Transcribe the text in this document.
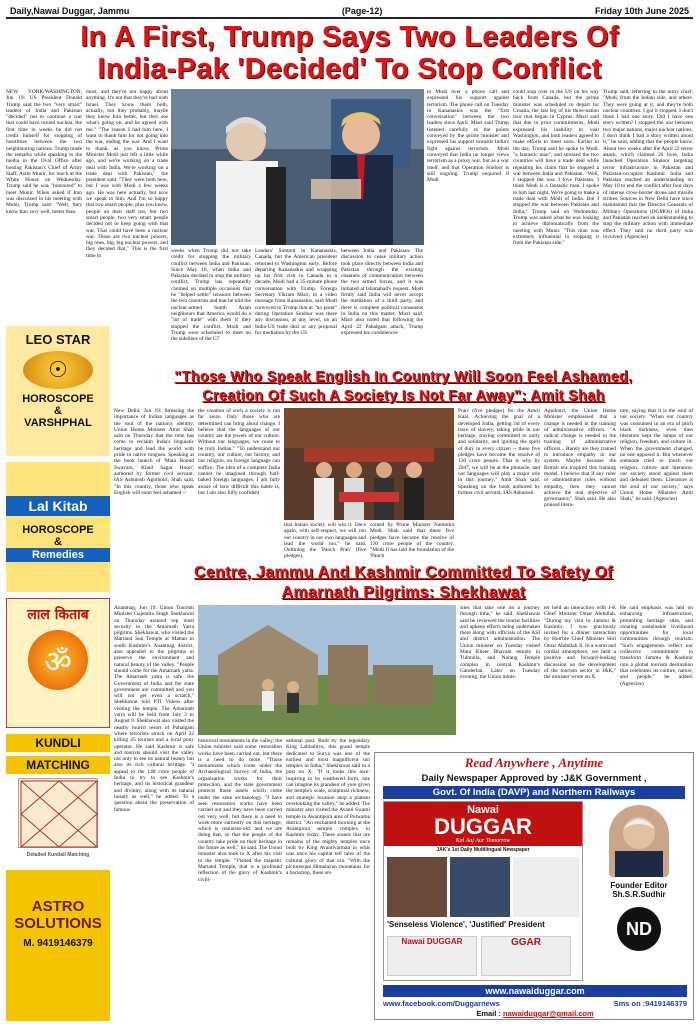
Daily,Nawai Duggar, Jammu	(Page-12)	Friday 10th June 2025
In A First, Trump Says Two Leaders Of
India-Pak 'Decided' To Stop Conflict
NEW YORK/WASHINGTON, Jun 19: US President Donald Trump said the two "very smart" leaders of India and Pakistan "decided" not to continue a war that could have turned nuclear, the first time in weeks he did not credit himself for stopping of hostilities between the two neighbouring nations. Trump made the remarks while speaking to the media in the Oval Office after hosting Pakistan's Chief of Army Staff, Asim Munir, for lunch at the White House on Wednesday. Trump said he was "honoured" to meet Munir. When asked if Iran was discussed in his meeting with Munir, Trump said: "Well, they know Iran very well, better than
most, and they're not happy about anything. It's not that they're bad with Israel. They know them both, actually, but they probably, maybe they know Iran better, but they see what's going on, and he agreed with me." "The reason I had him here, I want to thank him for not going into the war, ending the war. And I want to thank, as you know, Prime Minister Modi just left a little while ago, and we're working on a trade deal with India. We're working on a trade deal with Pakistan," the president said. "They were both here, but I was with Modi a few weeks ago. He was here actually, but now we speak to him. And I'm so happy that two smart people, plus you know, people on their staff too, but two smart people, two very smart people decided not to keep going with that war. That could have been a nuclear war. Those are two nuclear powers, big ones, big, big nuclear powers, and they decided that," This is the first time in
weeks when Trump did not take credit for stopping the military conflict between India and Pakistan. Since May 10, when India and Pakistan decided to stop the military conflict, Trump has repeatedly claimed on multiple occasions that he "helped settle" tensions between the two countries and that he told the nuclear-armed South Asian neighbours that America would do a "lot of trade" with them if they stopped the conflict. Modi and Trump were scheduled to meet on the sidelines of the G7
Leaders' Summit in Kananaskis, Canada, but the American president returned to Washington early. Before departing Kananaskis and wrapping up his first visit to Canada in a decade, Modi had a 35-minute phone conversation with Trump. Foreign Secretary Vikram Misri, in a video message from Kananaskis, said Modi conveyed to Trump that at "no point" during Operation Sindoor was there any discussion, at any level, on an India-US trade deal or any proposal for mediation by the US
between India and Pakistan. The discussion to cease military action took place directly between India and Pakistan through the existing channels of communication between the two armed forces, and it was initiated at Islamabad's request. Modi firmly said India will never accept the mediation of a third party, and there is complete political consensus in India on this matter, Misri said. Misri also noted that following the April 22 Pahalgam attack, Trump expressed his condolences
to Modi over a phone call and expressed his support against terrorism. The phone call on Tuesday in Kananaskis was the "first conversation" between the two leaders since April. Misri said Trump listened carefully to the points conveyed by the prime minister and expressed his support towards India's fight against terrorism. Modi conveyed that India no longer views terrorism as a proxy war, but as a war itself, and that Operation Sindoor is still ongoing. Trump enquired if Modi
could stop over in the US on his way back from Canada, but the prime minister was scheduled to depart for Croatia, the last leg of his three-nation tour that began in Cyprus. Misri said that due to prior commitments, Modi expressed his inability to visit Washington, and both leaders agreed to make efforts to meet soon. Earlier in the day, Trump said he spoke to Modi, "a fantastic man", and stressed the two countries will have a trade deal while repeating his claim that he stopped a war between India and Pakistan. "Well, I stopped the war. I love Pakistan. I think Modi is a fantastic man. I spoke to him last night. We're going to make a trade deal with Modi of India. But I stopped the war between Pakistan and India," Trump said on Wednesday. Trump was asked what he was looking to achieve diplomatically from the meeting with Munir. "This man was extremely influential in stopping it from the Pakistan side,"
Trump said, referring to the army chief. "Modi, from the Indian side, and others. They were going at it, and they're both nuclear countries. I got it stopped. I don't think I had one story. Did I have one story written? I stopped the war between two major nations, major nuclear nations. I don't think I had a story written about it," he said, adding that the people know. About two weeks after the April 22 terror attack, which claimed 26 lives, India launched Operation Sindoor targeting terror infrastructure in Pakistan and Pakistan-occupied Kashmir. India and Pakistan reached an understanding on May 10 to end the conflict after four days of intense cross-border drone and missile strikes. Sources in New Delhi have since maintained that the Director Generals of Military Operations (DGMOs) of India and Pakistan reached an understanding to stop the military action with immediate effect. They said no third party was involved. (Agencies)
LEO STAR
☉
HOROSCOPE
&
VARSHPHAL
Lal Kitab
HOROSCOPE
&
Remedies
लाल किताब
ॐ
KUNDLI
MATCHING
Detailed Kundali Matching
ASTRO
SOLUTIONS
M. 9419146379
"Those Who Speak English In Country Will Soon Feel Ashamed,
Creation Of Such A Society Is Not Far Away": Amit Shah
New Delhi, Jun 19: Stressing the importance of Indian languages as the soul of the nation's identity, Union Home Minister Amit Shah said on Thursday that the time has come to reclaim India's linguistic heritage and lead the world with pride in native tongues. Speaking at the book launch of 'Main Boond Swayam, Khud Sagar Hoon', authored by former civil servant, IAS Ashutosh Agnihotri, Shah said, "In this country, those who speak English will soon feel ashamed --
the creation of such a society is not far away. Only those who are determined can bring about change. I believe that the languages of our country are the jewels of our culture. Without our languages, we cease to be truly Indian." "To understand our country, our culture, our history, and our religion, no foreign language can suffice. The idea of a complete India cannot be imagined through half-baked foreign languages. I am fully aware of how difficult this battle is, but I am also fully confident
that Indian society will win it. Once again, with self-respect, we will run our country in our own languages and lead the world too," he said. Outlining the 'Panch Pran' (five pledges),
coined by Prime Minister Narendra Modi, Shah said that these five pledges have become the resolve of 130 crore people of the country. "Modi Ji has laid the foundation of the 'Panch
Pran' (five pledges) for the Amrit Kaal. Achieving the goal of a developed India, getting rid of every trace of slavery, taking pride in our heritage, staying committed to unity and solidarity, and igniting the spirit of duty in every citizen -- these five pledges have become the resolve of 130 crore people. That is why by 2047, we will be at the pinnacle, and our languages will play a major role in this journey," Amit Shah said. Speaking on the book authored by former civil servant, IAS Ashutosh
Agnihotri, the Union Home Minister emphasised that a change is needed in the training of administrative officers. "A radical change is needed in the training of administrative officers... Rarely are they trained to introduce empathy in our system. Maybe because the British era inspired this training model. I believe that if any ruler or administrator rules without empathy, then they cannot achieve the real objective of governance," Shah said. He also praised litera-
ture, saying that it is the soul of our society. "When our country was consumed in an era of pitch black darkness, even then literature kept the lamps of our religion, freedom, and culture lit. When the government changed, no one opposed it. But whenever someone tried to touch our religion, culture and literature, our society stood against them and defeated them. Literature is the soul of our society," says Union Home Minister Amit Shah," he said. (Agencies)
Centre, Jammu And Kashmir Committed To Safety Of
Amarnath Pilgrims: Shekhawat
Anantnag, Jun 19: Union Tourism Minister Gajendra Singh Shekhawat on Thursday assured top most security to the Amarnath Yatra pilgrims. Shekhawat, who visited the Martand Sun Temple at Mattan in south Kashmir's Anantnag district, also appealed to the pilgrims to preserve the environment and natural beauty of the valley. "People should come for the Amarnath yatra. The Amarnath yatra is safe, the Government of India and the state government are committed and you will not get even a scratch," Shekhawat told PTI Videos after visiting the temple. The Amarnath yatra will be held from July 3 to August 9. Shekhawat also visited the nearby tourist resort of Pahalgam where terrorists struck on April 22 killing 25 tourists and a local pony operator. He said Kashmir is safe and tourists should visit the valley not only to see its natural beauty but also its rich cultural heritage. "I appeal to the 140 crore people of India to try to see Kashmir's heritage, and its historical grandeur and divinity, along with its natural beauty as well," he added. To a question about the preservation of famous
historical monuments in the valley, the Union minister said some restoration works have been carried out, but there is a need to do more. "Those monuments which come under the Archaeological Survey of India, the organisation works for their protection, and the state government protects those assets which come under the state archaeology. "I have seen restoration works have been carried out and they have been carried out very well, but there is a need to work more earnestly on this heritage, which is centuries-old, and we are doing that, so that the people of the country take pride on their heritage in the future as well," he said. The Union minister also took to X after his visit to the temple. "Visited the majestic Martand Temple, that is a profound reflection of the glory of Kashmir's civili-
sational past. Built by the legendary King Lalitaditya, this grand temple dedicated to Surya was one of the earliest and most magnificent sun temples in India," Shekhawat said in a post on X. "If it looks this awe-inspiring in its weathered form, one can imagine its grandeur of yore given the temple's scale, sculptural richness, and strategic location atop a plateau overlooking the valley," he added. The minister also visited the Avanti Swami temple in Awantipora area of Pulwama district. "An enchanted morning at the Avantipora temple complex in Kashmir today. These stones that are remains of the mighty temples once built by King Avantivarman in what was once his capital tell tales of the cultural glory of that era. "With the picturesque Himalayan mountains for a backdrop, these are
sites that take one on a journey through time," he said. Shekhawat said he reviewed the tourist facilities and upkeep efforts being undertaken there along with officials of the ASI and district administration. The Union minister on Tuesday visited Mata Kheer Bhavani temple in Tulmulla, and Narang Temple complex in central Kashmir's Ganderbal. Later on Tuesday evening, the Union minis-
ter held an interaction with J-K Chief Minister Omar Abdullah. "During my visit to Jammu & Kashmir, I was graciously invited for a dinner interaction by Hon'ble Chief Minister Shri Omar Abdullah Ji. In a warm and cordial atmosphere, we held a positive and forward-looking discussion on the development of the tourism sector in J&K," the minister wrote on X.
He said emphasis was laid on enhancing infrastructure, promoting heritage sites, and creating sustainable livelihood opportunities for local communities through tourism. "Such engagements reflect our collective commitment to transform Jammu & Kashmir into a global tourism destination that celebrates its culture, nature, and people," he added. (Agencies)
Read Anywhere , Anytime
Daily Newspaper Approved by :J&K Government ,
Govt. Of India (DAVP) and Northern Railways
Nawai
DUGGAR
Kal Aaj Aur Tomorrow
JAK's 1st Daily Multilingual Newspaper
'Senseless Violence', 'Justified' President
Nawai DUGGAR	GGAR
Founder Editor
Sh.S.R.Sudhir
ND
www.nawaiduggar.com
www.facebook.com/Duggarnews	Sms on :9419146379
Email : nawaiduggar@gmail.com
